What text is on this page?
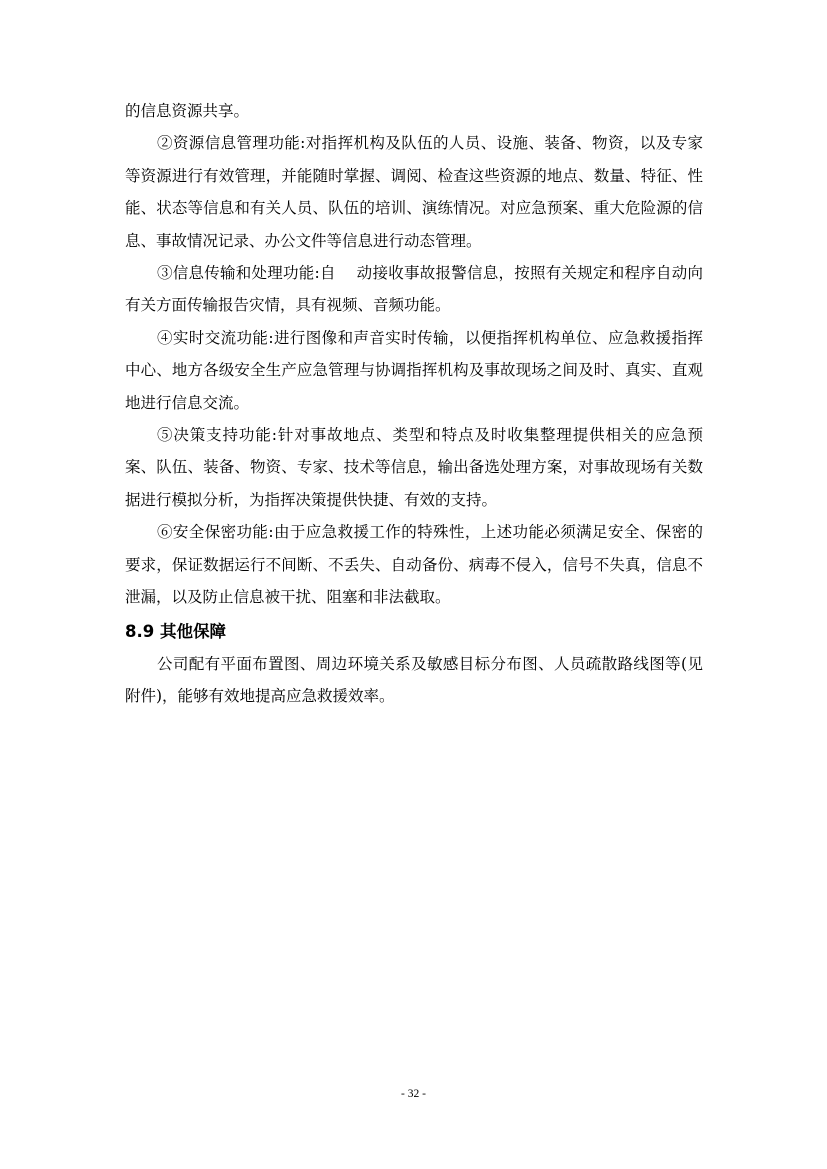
的信息资源共享。

②资源信息管理功能:对指挥机构及队伍的人员、设施、装备、物资，以及专家等资源进行有效管理，并能随时掌握、调阅、检查这些资源的地点、数量、特征、性能、状态等信息和有关人员、队伍的培训、演练情况。对应急预案、重大危险源的信息、事故情况记录、办公文件等信息进行动态管理。

③信息传输和处理功能:自　 动接收事故报警信息，按照有关规定和程序自动向有关方面传输报告灾情，具有视频、音频功能。

④实时交流功能:进行图像和声音实时传输，以便指挥机构单位、应急救援指挥中心、地方各级安全生产应急管理与协调指挥机构及事故现场之间及时、真实、直观地进行信息交流。

⑤决策支持功能:针对事故地点、类型和特点及时收集整理提供相关的应急预案、队伍、装备、物资、专家、技术等信息，输出备选处理方案，对事故现场有关数据进行模拟分析，为指挥决策提供快捷、有效的支持。

⑥安全保密功能:由于应急救援工作的特殊性，上述功能必须满足安全、保密的要求，保证数据运行不间断、不丢失、自动备份、病毒不侵入，信号不失真，信息不泄漏，以及防止信息被干扰、阻塞和非法截取。

8.9 其他保障

公司配有平面布置图、周边环境关系及敏感目标分布图、人员疏散路线图等(见附件)，能够有效地提高应急救援效率。

- 32 -
